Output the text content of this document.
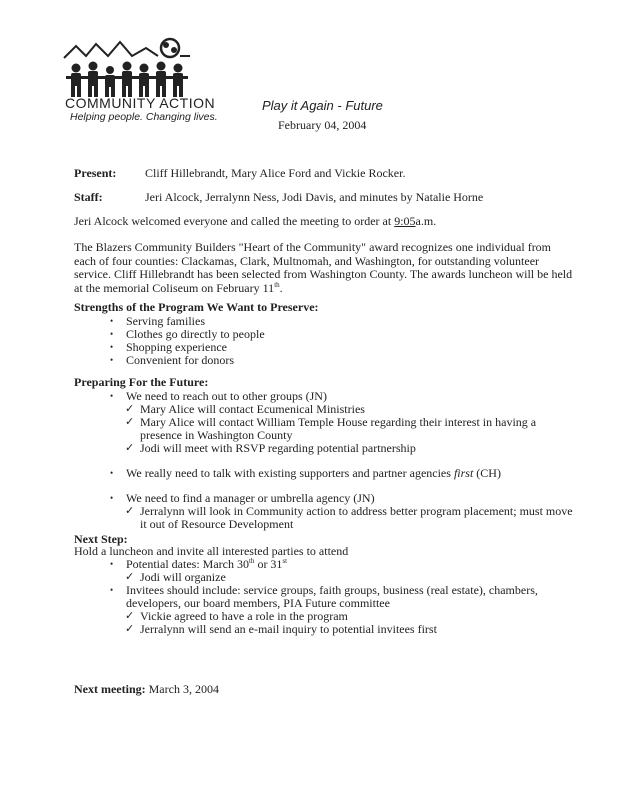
COMMUNITY ACTION
Helping people. Changing lives.
Play it Again - Future
February 04, 2004
Present: Cliff Hillebrandt, Mary Alice Ford and Vickie Rocker.
Staff:	Jeri Alcock, Jerralynn Ness, Jodi Davis, and minutes by Natalie Horne
Jeri Alcock welcomed everyone and called the meeting to order at 9:05a.m.
The Blazers Community Builders "Heart of the Community" award recognizes one individual from each of four counties: Clackamas, Clark, Multnomah, and Washington, for outstanding volunteer service. Cliff Hillebrandt has been selected from Washington County. The awards luncheon will be held at the memorial Coliseum on February 11th.
Strengths of the Program We Want to Preserve:
• Serving families
• Clothes go directly to people
• Shopping experience
• Convenient for donors
Preparing For the Future:
• We need to reach out to other groups (JN)
✓ Mary Alice will contact Ecumenical Ministries
✓ Mary Alice will contact William Temple House regarding their interest in having a presence in Washington County
✓ Jodi will meet with RSVP regarding potential partnership
• We really need to talk with existing supporters and partner agencies first (CH)
• We need to find a manager or umbrella agency (JN)
✓ Jerralynn will look in Community action to address better program placement; must move it out of Resource Development
Next Step:
Hold a luncheon and invite all interested parties to attend
• Potential dates: March 30th or 31st
✓ Jodi will organize
• Invitees should include: service groups, faith groups, business (real estate), chambers, developers, our board members, PIA Future committee
✓ Vickie agreed to have a role in the program
✓ Jerralynn will send an e-mail inquiry to potential invitees first
Next meeting: March 3, 2004
